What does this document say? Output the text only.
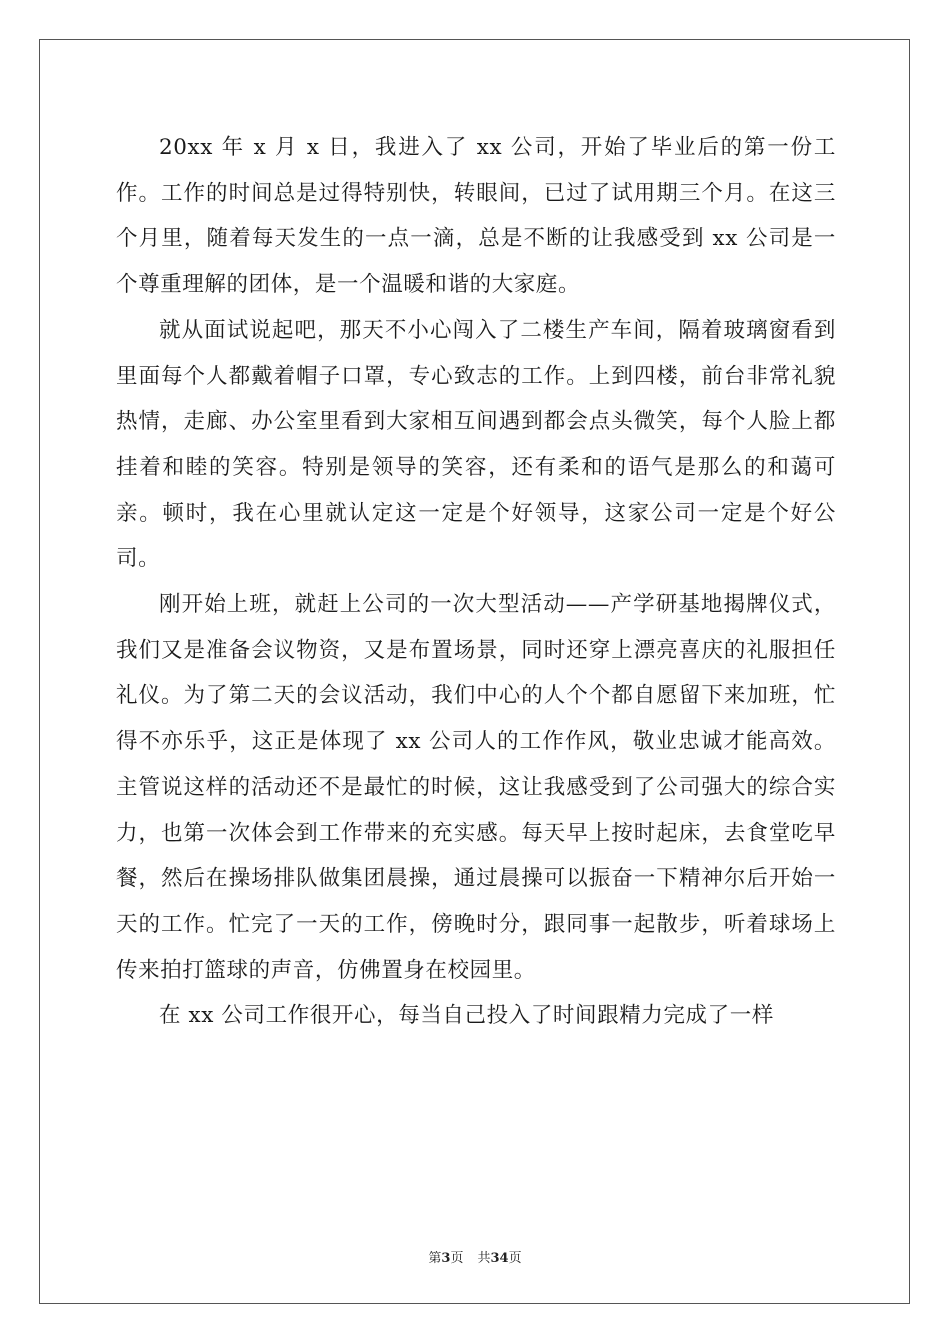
20xx 年 x 月 x 日，我进入了 xx 公司，开始了毕业后的第一份工作。工作的时间总是过得特别快，转眼间，已过了试用期三个月。在这三个月里，随着每天发生的一点一滴，总是不断的让我感受到 xx 公司是一个尊重理解的团体，是一个温暖和谐的大家庭。

就从面试说起吧，那天不小心闯入了二楼生产车间，隔着玻璃窗看到里面每个人都戴着帽子口罩，专心致志的工作。上到四楼，前台非常礼貌热情，走廊、办公室里看到大家相互间遇到都会点头微笑，每个人脸上都挂着和睦的笑容。特别是领导的笑容，还有柔和的语气是那么的和蔼可亲。顿时，我在心里就认定这一定是个好领导，这家公司一定是个好公司。

刚开始上班，就赶上公司的一次大型活动——产学研基地揭牌仪式，我们又是准备会议物资，又是布置场景，同时还穿上漂亮喜庆的礼服担任礼仪。为了第二天的会议活动，我们中心的人个个都自愿留下来加班，忙得不亦乐乎，这正是体现了 xx 公司人的工作作风，敬业忠诚才能高效。主管说这样的活动还不是最忙的时候，这让我感受到了公司强大的综合实力，也第一次体会到工作带来的充实感。每天早上按时起床，去食堂吃早餐，然后在操场排队做集团晨操，通过晨操可以振奋一下精神尔后开始一天的工作。忙完了一天的工作，傍晚时分，跟同事一起散步，听着球场上传来拍打篮球的声音，仿佛置身在校园里。

在 xx 公司工作很开心，每当自己投入了时间跟精力完成了一样

第3页 共34页
